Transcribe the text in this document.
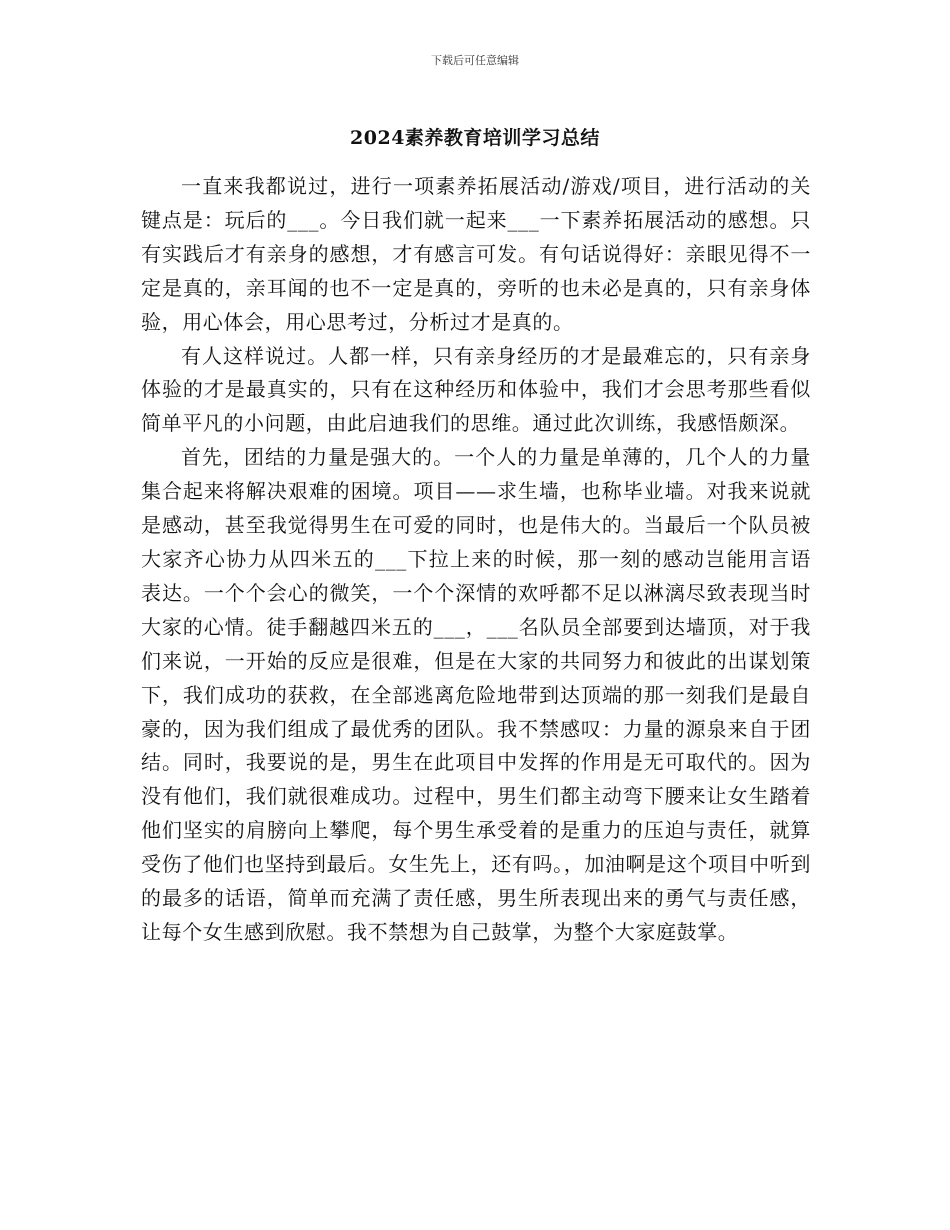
下载后可任意编辑
2024素养教育培训学习总结

一直来我都说过，进行一项素养拓展活动/游戏/项目，进行活动的关键点是：玩后的___。今日我们就一起来___一下素养拓展活动的感想。只有实践后才有亲身的感想，才有感言可发。有句话说得好：亲眼见得不一定是真的，亲耳闻的也不一定是真的，旁听的也未必是真的，只有亲身体验，用心体会，用心思考过，分析过才是真的。

有人这样说过。人都一样，只有亲身经历的才是最难忘的，只有亲身体验的才是最真实的，只有在这种经历和体验中，我们才会思考那些看似简单平凡的小问题，由此启迪我们的思维。通过此次训练，我感悟颇深。

首先，团结的力量是强大的。一个人的力量是单薄的，几个人的力量集合起来将解决艰难的困境。项目——求生墙，也称毕业墙。对我来说就是感动，甚至我觉得男生在可爱的同时，也是伟大的。当最后一个队员被大家齐心协力从四米五的___下拉上来的时候，那一刻的感动岂能用言语表达。一个个会心的微笑，一个个深情的欢呼都不足以淋漓尽致表现当时大家的心情。徒手翻越四米五的___，___名队员全部要到达墙顶，对于我们来说，一开始的反应是很难，但是在大家的共同努力和彼此的出谋划策下，我们成功的获救，在全部逃离危险地带到达顶端的那一刻我们是最自豪的，因为我们组成了最优秀的团队。我不禁感叹：力量的源泉来自于团结。同时，我要说的是，男生在此项目中发挥的作用是无可取代的。因为没有他们，我们就很难成功。过程中，男生们都主动弯下腰来让女生踏着他们坚实的肩膀向上攀爬，每个男生承受着的是重力的压迫与责任，就算受伤了他们也坚持到最后。女生先上，还有吗。，加油啊是这个项目中听到的最多的话语，简单而充满了责任感，男生所表现出来的勇气与责任感，让每个女生感到欣慰。我不禁想为自己鼓掌，为整个大家庭鼓掌。
